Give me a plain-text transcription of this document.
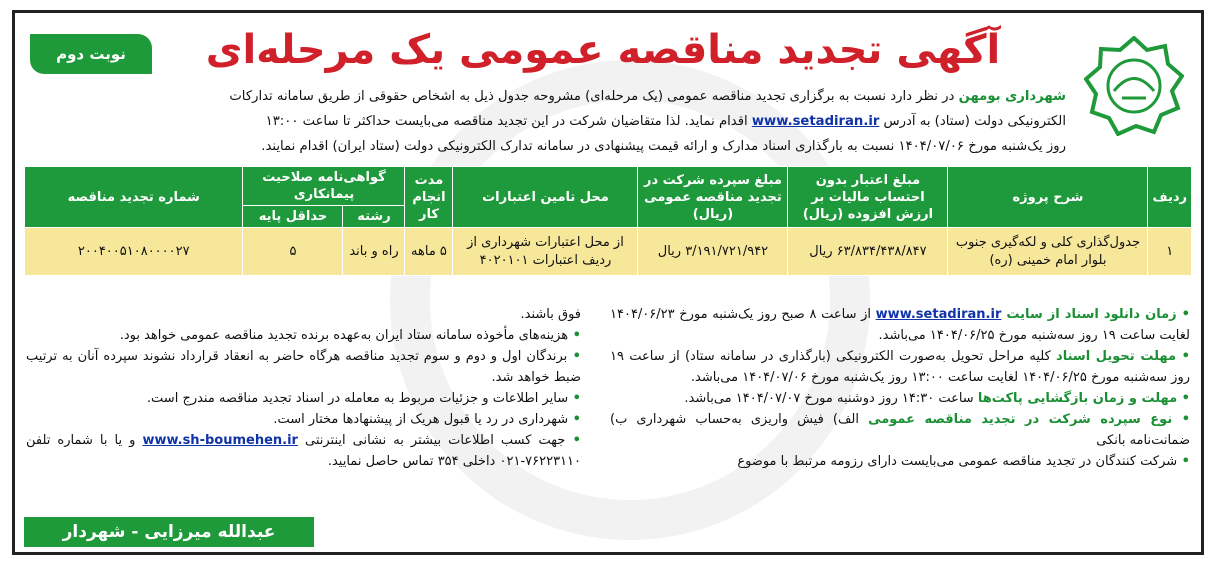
نوبت دوم	آگهی تجدید مناقصه عمومی یک مرحله‌ای
شهرداری بومهن در نظر دارد نسبت به برگزاری تجدید مناقصه عمومی (یک مرحله‌ای) مشروحه جدول ذیل به اشخاص حقوقی از طریق سامانه تدارکات
الکترونیکی دولت (ستاد) به آدرس www.setadiran.ir اقدام نماید. لذا متقاضیان شرکت در این تجدید مناقصه می‌بایست حداکثر تا ساعت ۱۳:۰۰
روز یک‌شنبه مورخ ۱۴۰۴/۰۷/۰۶ نسبت به بارگذاری اسناد مدارک و ارائه قیمت پیشنهادی در سامانه تدارک الکترونیکی دولت (ستاد ایران) اقدام نمایند.
ردیف	شرح پروژه	مبلغ اعتبار بدون احتساب مالیات بر ارزش افزوده (ریال)	مبلغ سپرده شرکت در تجدید مناقصه عمومی (ریال)	محل تامین اعتبارات	مدت انجام کار	گواهی‌نامه صلاحیت پیمانکاری		شماره تجدید مناقصه
						رشته	حداقل پایه	
۱	جدول‌گذاری کلی و لکه‌گیری جنوب بلوار امام خمینی (ره)	۶۳/۸۳۴/۴۳۸/۸۴۷ ریال	۳/۱۹۱/۷۲۱/۹۴۲ ریال	از محل اعتبارات شهرداری از ردیف اعتبارات ۴۰۲۰۱۰۱	۵ ماهه	راه و باند	۵	۲۰۰۴۰۰۵۱۰۸۰۰۰۰۲۷

• زمان دانلود اسناد از سایت www.setadiran.ir از ساعت ۸ صبح روز یک‌شنبه مورخ ۱۴۰۴/۰۶/۲۳ لغایت ساعت ۱۹ روز سه‌شنبه مورخ ۱۴۰۴/۰۶/۲۵ می‌باشد.

• مهلت تحویل اسناد کلیه مراحل تحویل به‌صورت الکترونیکی (بارگذاری در سامانه ستاد) از ساعت ۱۹ روز سه‌شنبه مورخ ۱۴۰۴/۰۶/۲۵ لغایت ساعت ۱۳:۰۰ روز یک‌شنبه مورخ ۱۴۰۴/۰۷/۰۶ می‌باشد.

• مهلت و زمان بازگشایی پاکت‌ها ساعت ۱۴:۳۰ روز دوشنبه مورخ ۱۴۰۴/۰۷/۰۷ می‌باشد.

• نوع سپرده شرکت در تجدید مناقصه عمومی الف) فیش واریزی به‌حساب شهرداری ب) ضمانت‌نامه بانکی

• شرکت کنندگان در تجدید مناقصه عمومی می‌بایست دارای رزومه مرتبط با موضوع

فوق باشند.

• هزینه‌های مأخوذه سامانه ستاد ایران به‌عهده برنده تجدید مناقصه عمومی خواهد بود.

• برندگان اول و دوم و سوم تجدید مناقصه هرگاه حاضر به انعقاد قرارداد نشوند سپرده آنان به ترتیب ضبط خواهد شد.

• سایر اطلاعات و جزئیات مربوط به معامله در اسناد تجدید مناقصه مندرج است.

• شهرداری در رد یا قبول هریک از پیشنهادها مختار است.

• جهت کسب اطلاعات بیشتر به نشانی اینترنتی www.sh-boumehen.ir و یا با شماره تلفن ۷۶۲۲۳۱۱۰-۰۲۱ داخلی ۳۵۴ تماس حاصل نمایید.

عبدالله میرزایی - شهردار
